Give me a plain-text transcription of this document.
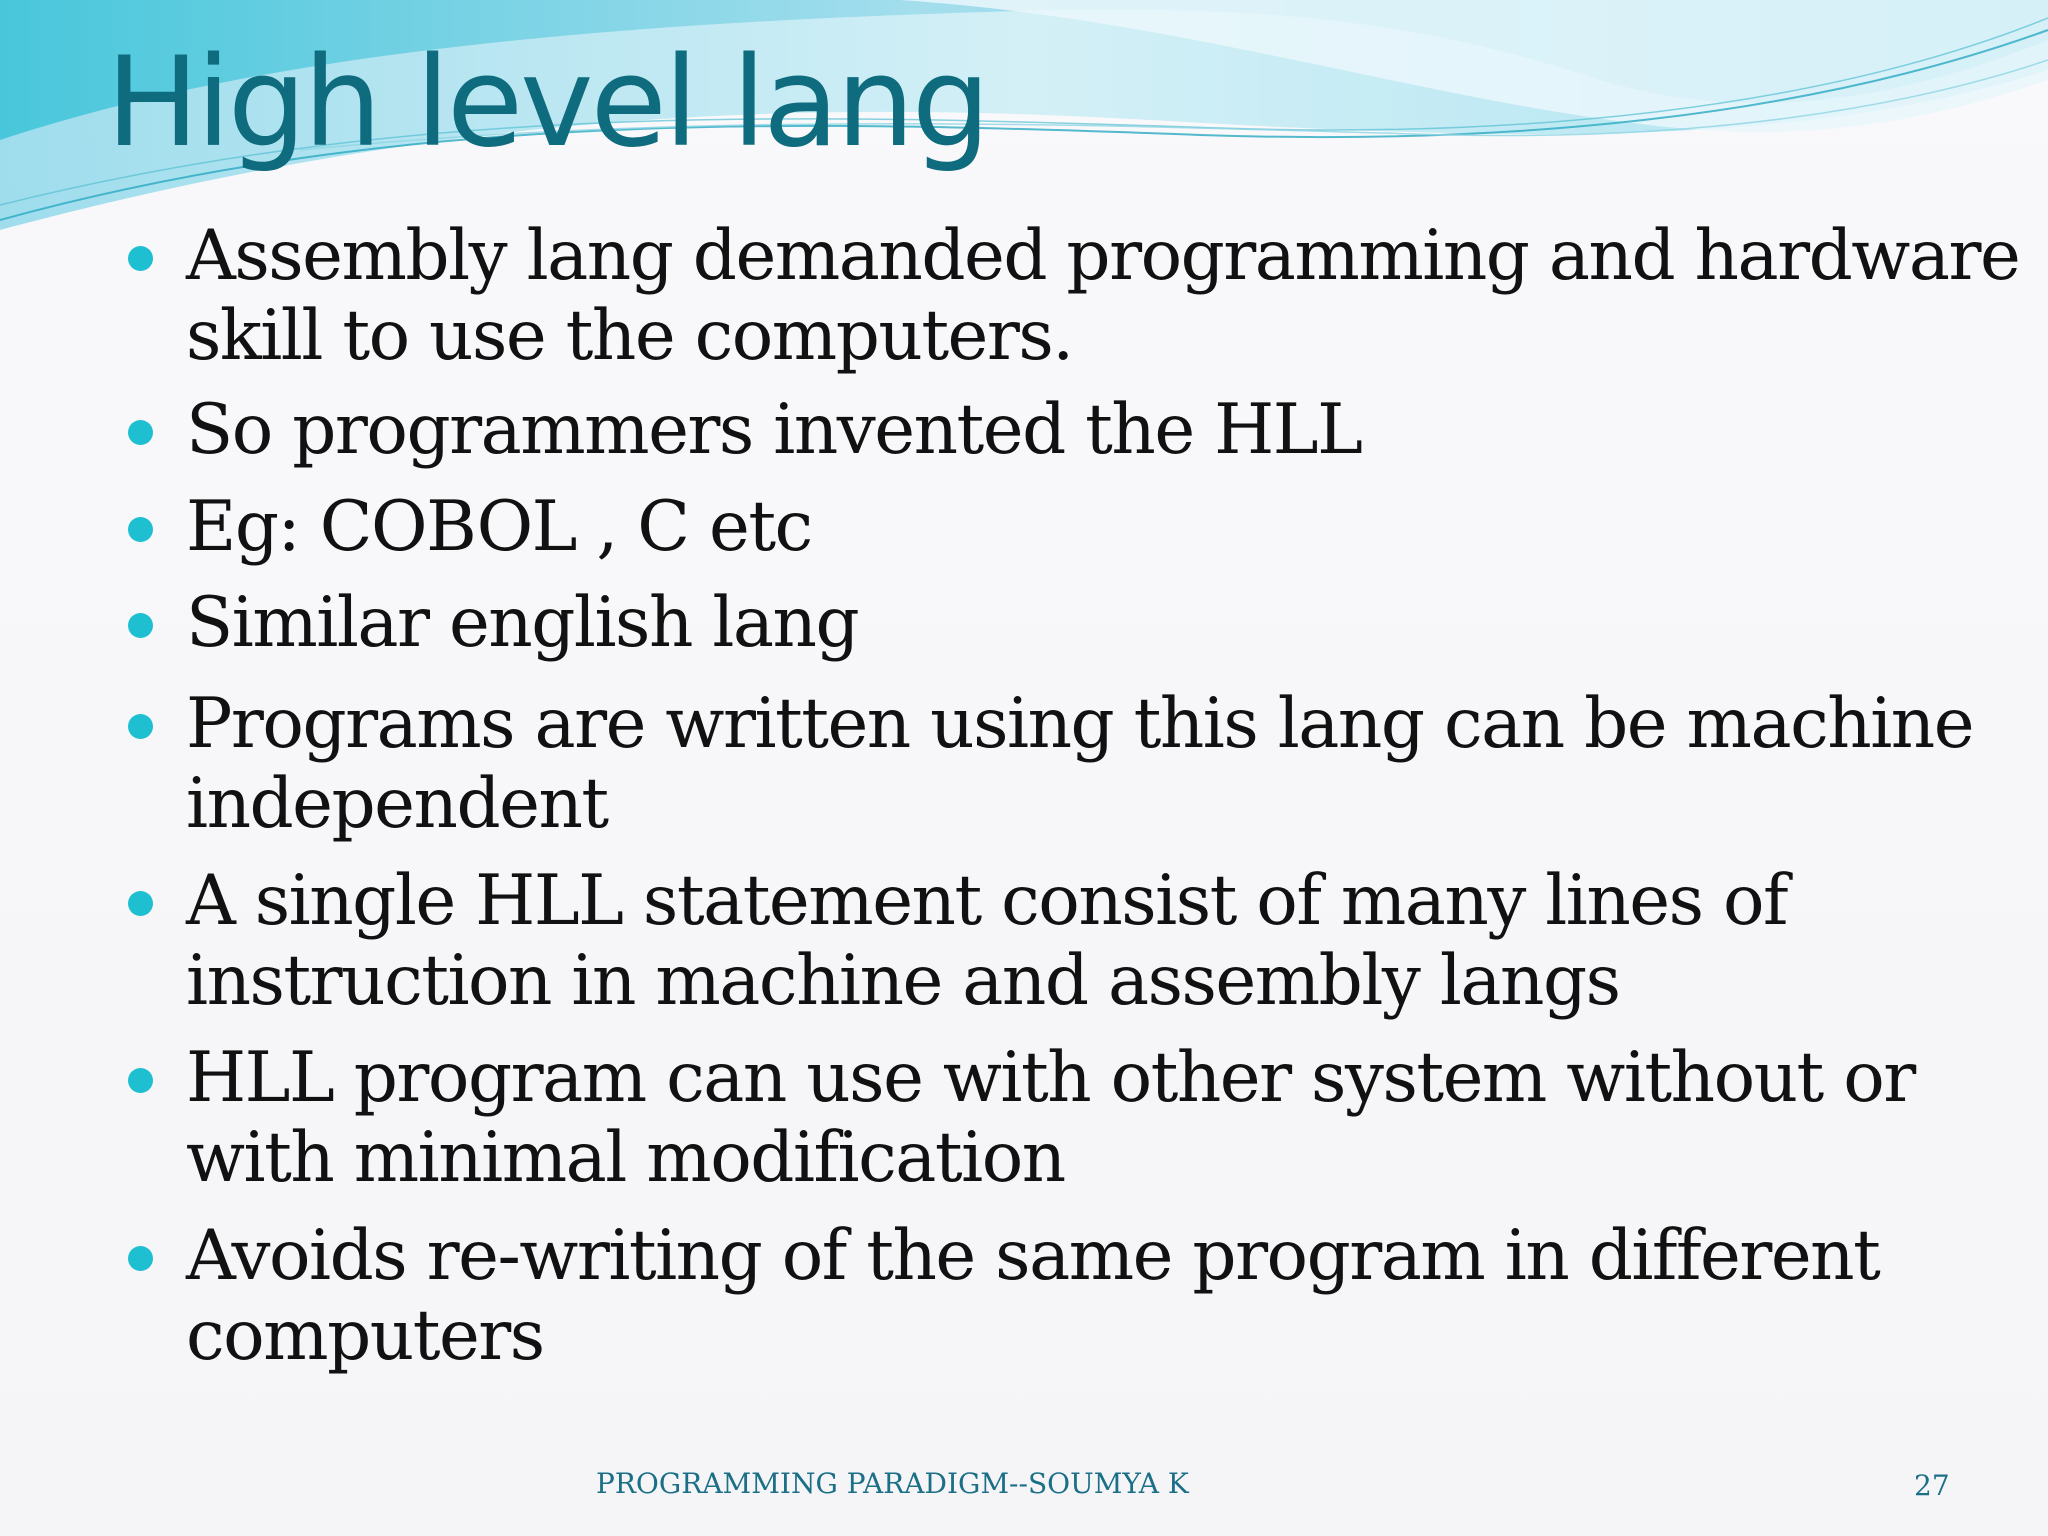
High level lang
Assembly lang demanded programming and hardware
skill to use the computers.
So programmers invented the HLL
Eg: COBOL , C etc
Similar english lang
Programs are written using this lang can be machine
independent
A single HLL statement consist of many lines of
instruction in machine and assembly langs
HLL program can use with other system without or
with minimal modification
Avoids re-writing of the same program in different
computers
PROGRAMMING PARADIGM--SOUMYA K	27
